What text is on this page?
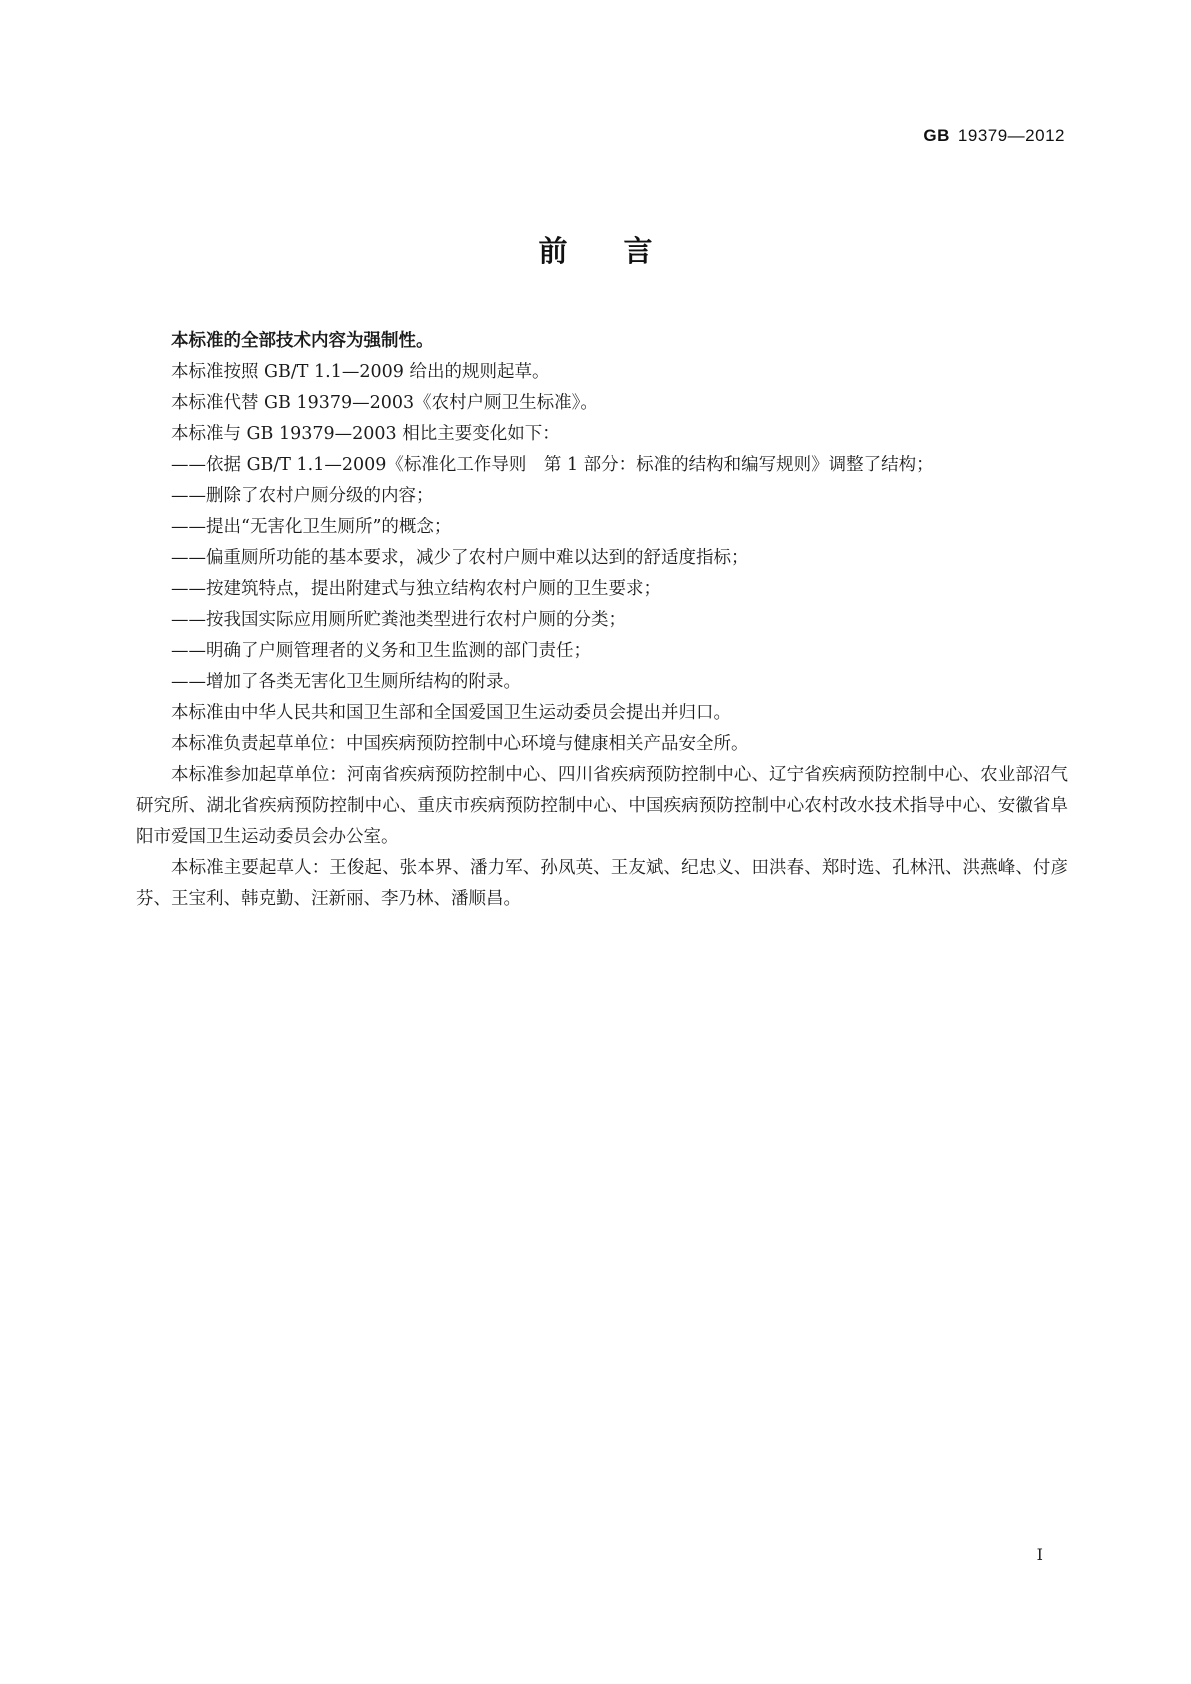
GB 19379—2012
前言

本标准的全部技术内容为强制性。

本标准按照 GB/T 1.1—2009 给出的规则起草。

本标准代替 GB 19379—2003《农村户厕卫生标准》。

本标准与 GB 19379—2003 相比主要变化如下：

——依据 GB/T 1.1—2009《标准化工作导则　第 1 部分：标准的结构和编写规则》调整了结构；

——删除了农村户厕分级的内容；

——提出“无害化卫生厕所”的概念；

——偏重厕所功能的基本要求，减少了农村户厕中难以达到的舒适度指标；

——按建筑特点，提出附建式与独立结构农村户厕的卫生要求；

——按我国实际应用厕所贮粪池类型进行农村户厕的分类；

——明确了户厕管理者的义务和卫生监测的部门责任；

——增加了各类无害化卫生厕所结构的附录。

本标准由中华人民共和国卫生部和全国爱国卫生运动委员会提出并归口。

本标准负责起草单位：中国疾病预防控制中心环境与健康相关产品安全所。

本标准参加起草单位：河南省疾病预防控制中心、四川省疾病预防控制中心、辽宁省疾病预防控制中心、农业部沼气研究所、湖北省疾病预防控制中心、重庆市疾病预防控制中心、中国疾病预防控制中心农村改水技术指导中心、安徽省阜阳市爱国卫生运动委员会办公室。

本标准主要起草人：王俊起、张本界、潘力军、孙凤英、王友斌、纪忠义、田洪春、郑时选、孔林汛、洪燕峰、付彦芬、王宝利、韩克勤、汪新丽、李乃林、潘顺昌。

I
